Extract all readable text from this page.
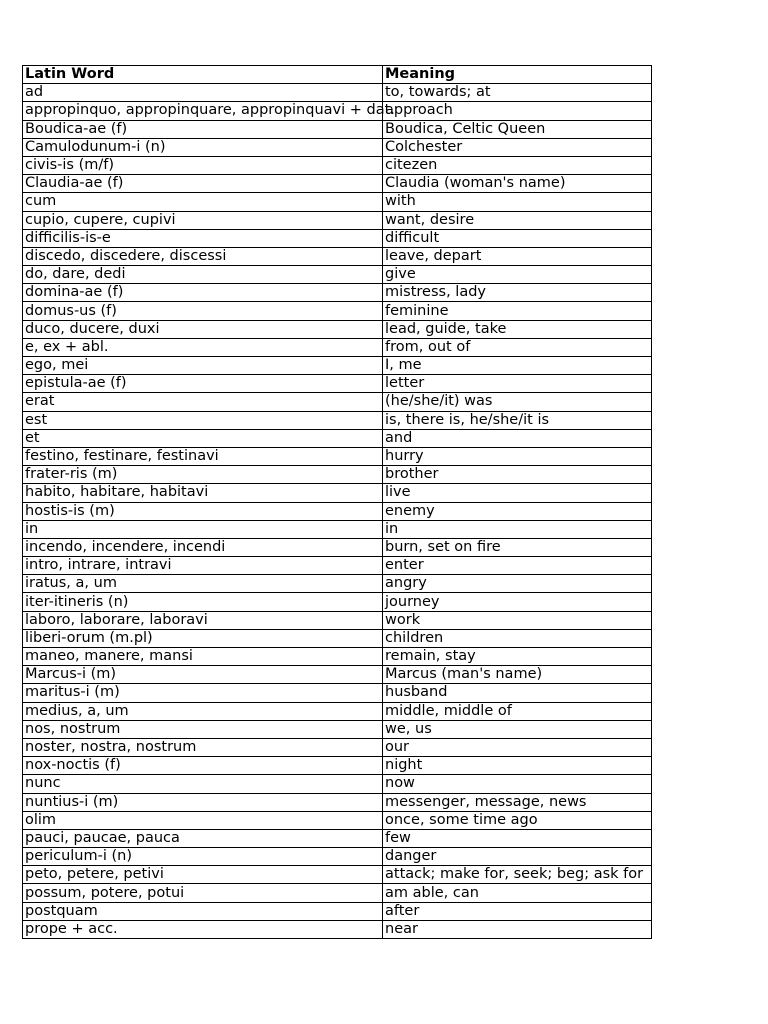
Latin Word	Meaning
ad	to, towards; at
appropinquo, appropinquare, appropinquavi + dat.	approach
Boudica-ae (f)	Boudica, Celtic Queen
Camulodunum-i (n)	Colchester
civis-is (m/f)	citezen
Claudia-ae (f)	Claudia (woman's name)
cum	with
cupio, cupere, cupivi	want, desire
difficilis-is-e	difficult
discedo, discedere, discessi	leave, depart
do, dare, dedi	give
domina-ae (f)	mistress, lady
domus-us (f)	feminine
duco, ducere, duxi	lead, guide, take
e, ex + abl.	from, out of
ego, mei	I, me
epistula-ae (f)	letter
erat	(he/she/it) was
est	is, there is, he/she/it is
et	and
festino, festinare, festinavi	hurry
frater-ris (m)	brother
habito, habitare, habitavi	live
hostis-is (m)	enemy
in	in
incendo, incendere, incendi	burn, set on fire
intro, intrare, intravi	enter
iratus, a, um	angry
iter-itineris (n)	journey
laboro, laborare, laboravi	work
liberi-orum (m.pl)	children
maneo, manere, mansi	remain, stay
Marcus-i (m)	Marcus (man's name)
maritus-i (m)	husband
medius, a, um	middle, middle of
nos, nostrum	we, us
noster, nostra, nostrum	our
nox-noctis (f)	night
nunc	now
nuntius-i (m)	messenger, message, news
olim	once, some time ago
pauci, paucae, pauca	few
periculum-i (n)	danger
peto, petere, petivi	attack; make for, seek; beg; ask for
possum, potere, potui	am able, can
postquam	after
prope + acc.	near
